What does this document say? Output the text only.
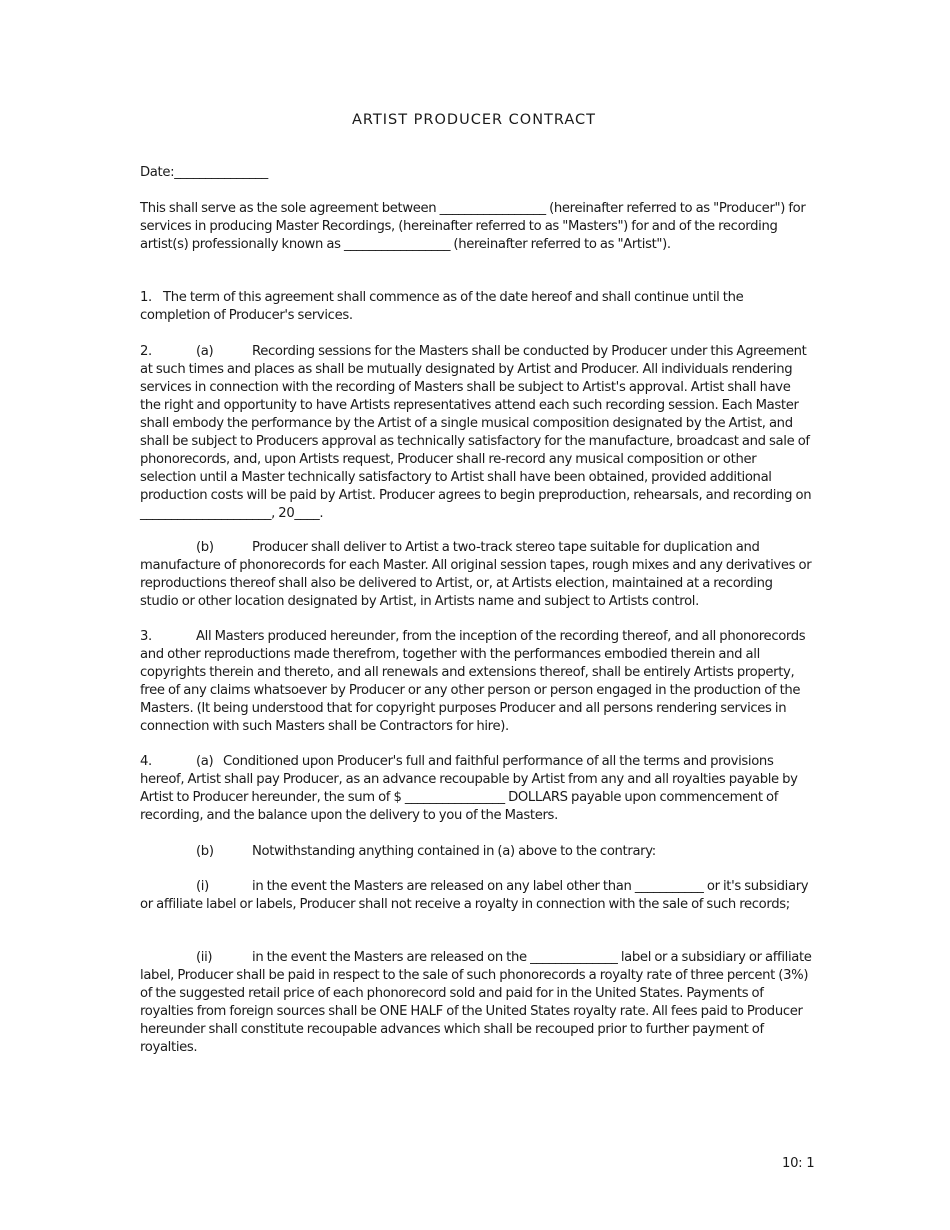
ARTIST PRODUCER CONTRACT
Date:_______________
This shall serve as the sole agreement between _________________ (hereinafter referred to as "Producer") for services in producing Master Recordings, (hereinafter referred to as "Masters") for and of the recording artist(s) professionally known as _________________ (hereinafter referred to as "Artist").
1. The term of this agreement shall commence as of the date hereof and shall continue until the completion of Producer's services.
2.	(a)	Recording sessions for the Masters shall be conducted by Producer under this Agreement at such times and places as shall be mutually designated by Artist and Producer. All individuals rendering services in connection with the recording of Masters shall be subject to Artist's approval. Artist shall have the right and opportunity to have Artists representatives attend each such recording session. Each Master shall embody the performance by the Artist of a single musical composition designated by the Artist, and shall be subject to Producers approval as technically satisfactory for the manufacture, broadcast and sale of phonorecords, and, upon Artists request, Producer shall re-record any musical composition or other selection until a Master technically satisfactory to Artist shall have been obtained, provided additional production costs will be paid by Artist. Producer agrees to begin preproduction, rehearsals, and recording on _____________________, 20____.
(b)	Producer shall deliver to Artist a two-track stereo tape suitable for duplication and manufacture of phonorecords for each Master. All original session tapes, rough mixes and any derivatives or reproductions thereof shall also be delivered to Artist, or, at Artists election, maintained at a recording studio or other location designated by Artist, in Artists name and subject to Artists control.
3.	All Masters produced hereunder, from the inception of the recording thereof, and all phonorecords and other reproductions made therefrom, together with the performances embodied therein and all copyrights therein and thereto, and all renewals and extensions thereof, shall be entirely Artists property, free of any claims whatsoever by Producer or any other person or person engaged in the production of the Masters. (It being understood that for copyright purposes Producer and all persons rendering services in connection with such Masters shall be Contractors for hire).
4.	(a) Conditioned upon Producer's full and faithful performance of all the terms and provisions hereof, Artist shall pay Producer, as an advance recoupable by Artist from any and all royalties payable by Artist to Producer hereunder, the sum of $ ________________ DOLLARS payable upon commencement of recording, and the balance upon the delivery to you of the Masters.
(b)	Notwithstanding anything contained in (a) above to the contrary:
(i)	in the event the Masters are released on any label other than ___________ or it's subsidiary or affiliate label or labels, Producer shall not receive a royalty in connection with the sale of such records;
(ii)	in the event the Masters are released on the ______________ label or a subsidiary or affiliate label, Producer shall be paid in respect to the sale of such phonorecords a royalty rate of three percent (3%) of the suggested retail price of each phonorecord sold and paid for in the United States. Payments of royalties from foreign sources shall be ONE HALF of the United States royalty rate. All fees paid to Producer hereunder shall constitute recoupable advances which shall be recouped prior to further payment of royalties.
10: 1
